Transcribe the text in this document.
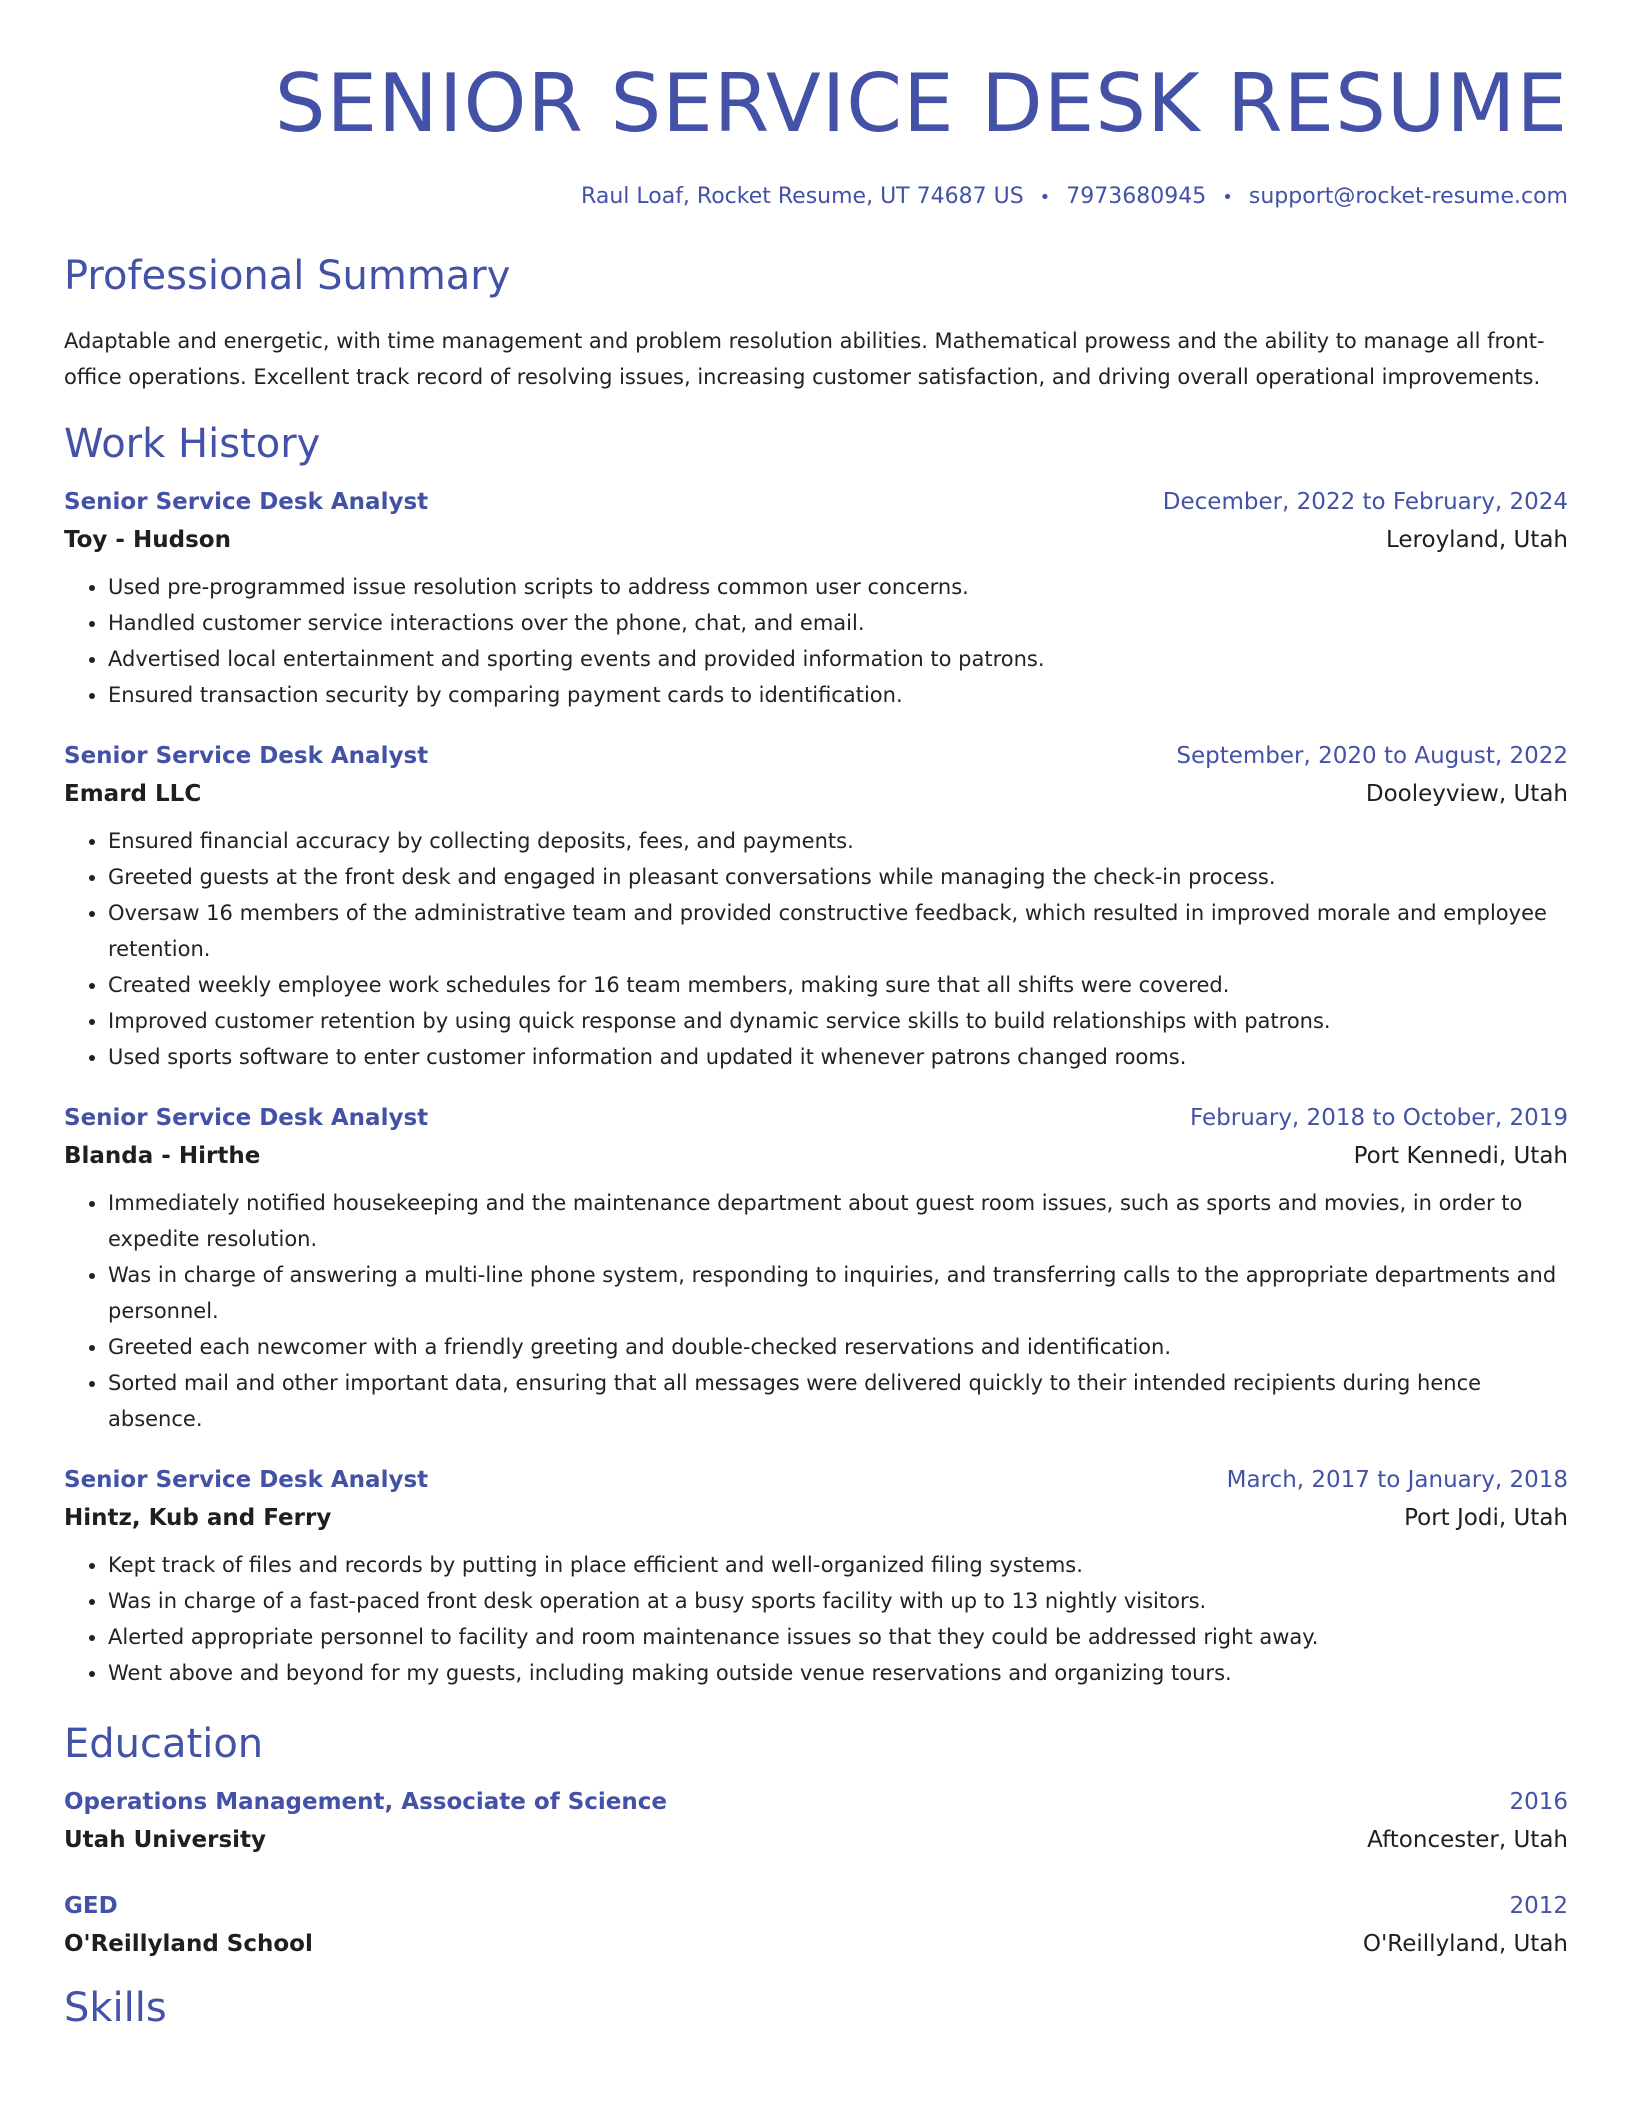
SENIOR SERVICE DESK RESUME
Raul Loaf, Rocket Resume, UT 74687 US • 7973680945 • support@rocket-resume.com
Professional Summary
Adaptable and energetic, with time management and problem resolution abilities. Mathematical prowess and the ability to manage all front-office operations. Excellent track record of resolving issues, increasing customer satisfaction, and driving overall operational improvements.
Work History
Senior Service Desk Analyst	December, 2022 to February, 2024
Toy - Hudson	Leroyland, Utah
• Used pre-programmed issue resolution scripts to address common user concerns.
• Handled customer service interactions over the phone, chat, and email.
• Advertised local entertainment and sporting events and provided information to patrons.
• Ensured transaction security by comparing payment cards to identification.
Senior Service Desk Analyst	September, 2020 to August, 2022
Emard LLC	Dooleyview, Utah
• Ensured financial accuracy by collecting deposits, fees, and payments.
• Greeted guests at the front desk and engaged in pleasant conversations while managing the check-in process.
• Oversaw 16 members of the administrative team and provided constructive feedback, which resulted in improved morale and employee retention.
• Created weekly employee work schedules for 16 team members, making sure that all shifts were covered.
• Improved customer retention by using quick response and dynamic service skills to build relationships with patrons.
• Used sports software to enter customer information and updated it whenever patrons changed rooms.
Senior Service Desk Analyst	February, 2018 to October, 2019
Blanda - Hirthe	Port Kennedi, Utah
• Immediately notified housekeeping and the maintenance department about guest room issues, such as sports and movies, in order to expedite resolution.
• Was in charge of answering a multi-line phone system, responding to inquiries, and transferring calls to the appropriate departments and personnel.
• Greeted each newcomer with a friendly greeting and double-checked reservations and identification.
• Sorted mail and other important data, ensuring that all messages were delivered quickly to their intended recipients during hence absence.
Senior Service Desk Analyst	March, 2017 to January, 2018
Hintz, Kub and Ferry	Port Jodi, Utah
• Kept track of files and records by putting in place efficient and well-organized filing systems.
• Was in charge of a fast-paced front desk operation at a busy sports facility with up to 13 nightly visitors.
• Alerted appropriate personnel to facility and room maintenance issues so that they could be addressed right away.
• Went above and beyond for my guests, including making outside venue reservations and organizing tours.
Education
Operations Management, Associate of Science	2016
Utah University	Aftoncester, Utah
GED	2012
O'Reillyland School	O'Reillyland, Utah
Skills
